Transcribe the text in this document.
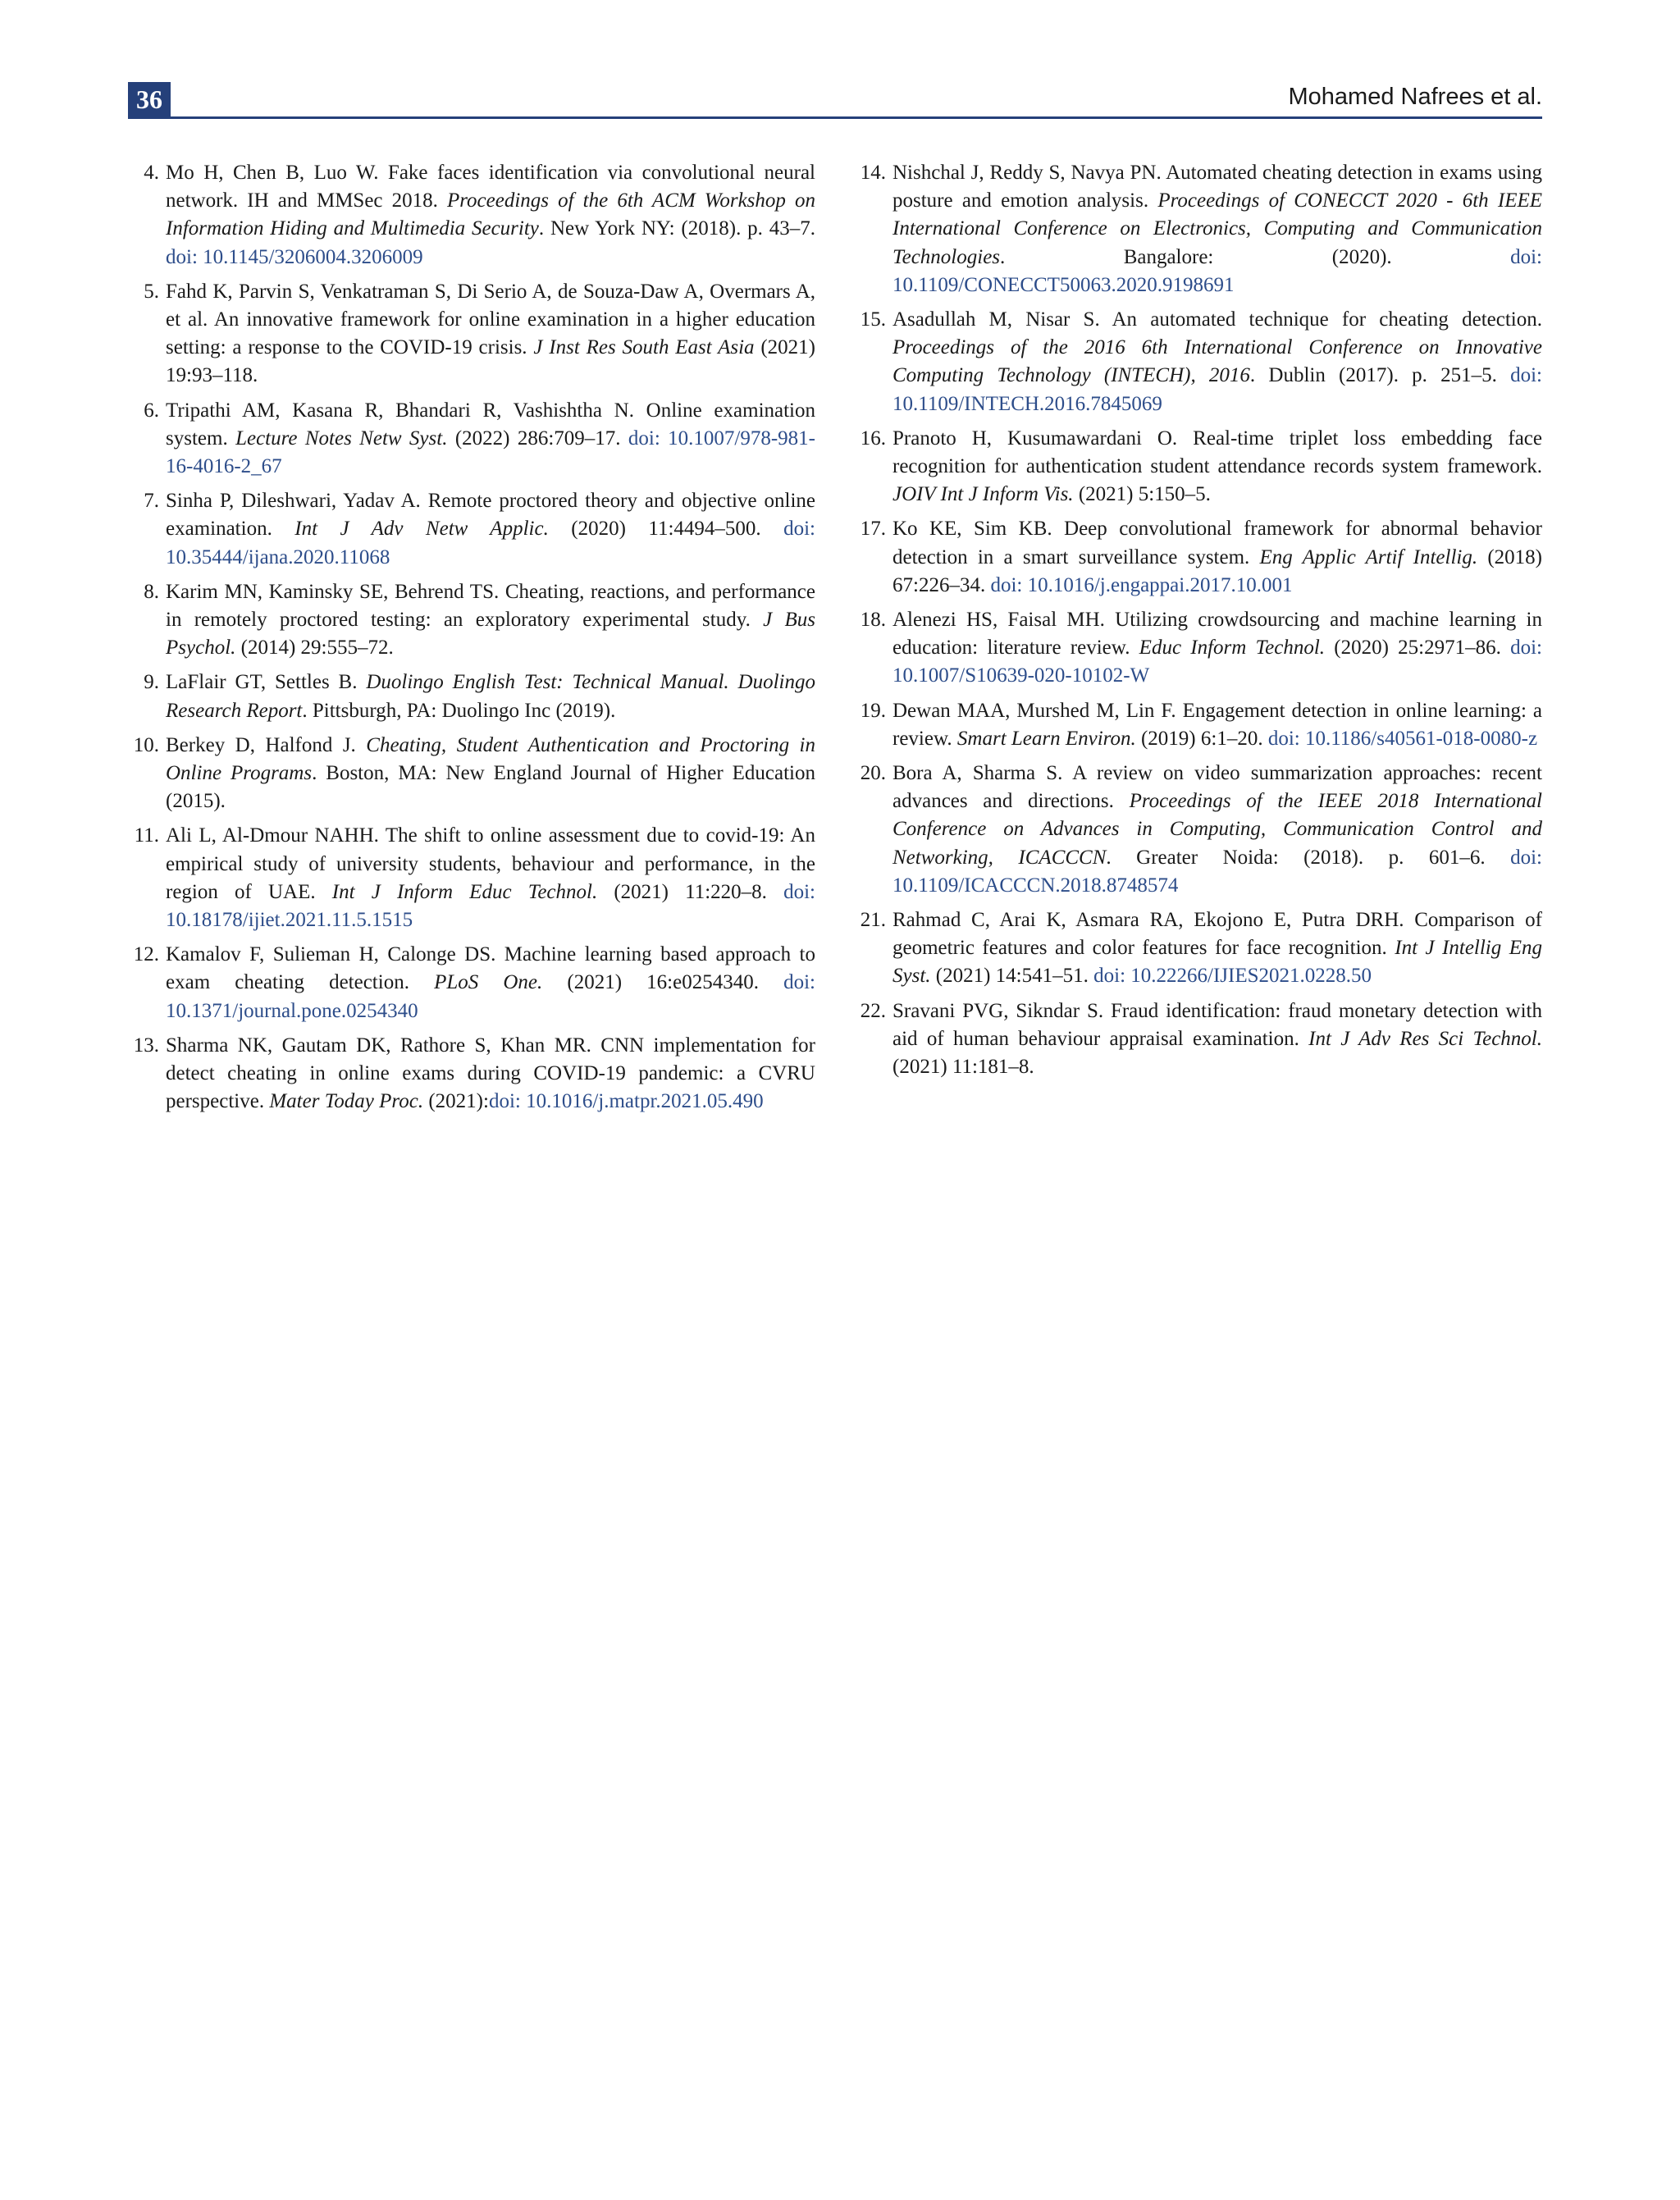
36	Mohamed Nafrees et al.
4. Mo H, Chen B, Luo W. Fake faces identification via convolutional neural network. IH and MMSec 2018. Proceedings of the 6th ACM Workshop on Information Hiding and Multimedia Security. New York NY: (2018). p. 43–7. doi: 10.1145/3206004.3206009
5. Fahd K, Parvin S, Venkatraman S, Di Serio A, de Souza-Daw A, Overmars A, et al. An innovative framework for online examination in a higher education setting: a response to the COVID-19 crisis. J Inst Res South East Asia (2021) 19:93–118.
6. Tripathi AM, Kasana R, Bhandari R, Vashishtha N. Online examination system. Lecture Notes Netw Syst. (2022) 286:709–17. doi: 10.1007/978-981-16-4016-2_67
7. Sinha P, Dileshwari, Yadav A. Remote proctored theory and objective online examination. Int J Adv Netw Applic. (2020) 11:4494–500. doi: 10.35444/ijana.2020.11068
8. Karim MN, Kaminsky SE, Behrend TS. Cheating, reactions, and performance in remotely proctored testing: an exploratory experimental study. J Bus Psychol. (2014) 29:555–72.
9. LaFlair GT, Settles B. Duolingo English Test: Technical Manual. Duolingo Research Report. Pittsburgh, PA: Duolingo Inc (2019).
10. Berkey D, Halfond J. Cheating, Student Authentication and Proctoring in Online Programs. Boston, MA: New England Journal of Higher Education (2015).
11. Ali L, Al-Dmour NAHH. The shift to online assessment due to covid-19: An empirical study of university students, behaviour and performance, in the region of UAE. Int J Inform Educ Technol. (2021) 11:220–8. doi: 10.18178/ijiet.2021.11.5.1515
12. Kamalov F, Sulieman H, Calonge DS. Machine learning based approach to exam cheating detection. PLoS One. (2021) 16:e0254340. doi: 10.1371/journal.pone.0254340
13. Sharma NK, Gautam DK, Rathore S, Khan MR. CNN implementation for detect cheating in online exams during COVID-19 pandemic: a CVRU perspective. Mater Today Proc. (2021):doi: 10.1016/j.matpr.2021.05.490
14. Nishchal J, Reddy S, Navya PN. Automated cheating detection in exams using posture and emotion analysis. Proceedings of CONECCT 2020 - 6th IEEE International Conference on Electronics, Computing and Communication Technologies. Bangalore: (2020). doi: 10.1109/CONECCT50063.2020.9198691
15. Asadullah M, Nisar S. An automated technique for cheating detection. Proceedings of the 2016 6th International Conference on Innovative Computing Technology (INTECH), 2016. Dublin (2017). p. 251–5. doi: 10.1109/INTECH.2016.7845069
16. Pranoto H, Kusumawardani O. Real-time triplet loss embedding face recognition for authentication student attendance records system framework. JOIV Int J Inform Vis. (2021) 5:150–5.
17. Ko KE, Sim KB. Deep convolutional framework for abnormal behavior detection in a smart surveillance system. Eng Applic Artif Intellig. (2018) 67:226–34. doi: 10.1016/j.engappai.2017.10.001
18. Alenezi HS, Faisal MH. Utilizing crowdsourcing and machine learning in education: literature review. Educ Inform Technol. (2020) 25:2971–86. doi: 10.1007/S10639-020-10102-W
19. Dewan MAA, Murshed M, Lin F. Engagement detection in online learning: a review. Smart Learn Environ. (2019) 6:1–20. doi: 10.1186/s40561-018-0080-z
20. Bora A, Sharma S. A review on video summarization approaches: recent advances and directions. Proceedings of the IEEE 2018 International Conference on Advances in Computing, Communication Control and Networking, ICACCCN. Greater Noida: (2018). p. 601–6. doi: 10.1109/ICACCCN.2018.8748574
21. Rahmad C, Arai K, Asmara RA, Ekojono E, Putra DRH. Comparison of geometric features and color features for face recognition. Int J Intellig Eng Syst. (2021) 14:541–51. doi: 10.22266/IJIES2021.0228.50
22. Sravani PVG, Sikndar S. Fraud identification: fraud monetary detection with aid of human behaviour appraisal examination. Int J Adv Res Sci Technol. (2021) 11:181–8.
